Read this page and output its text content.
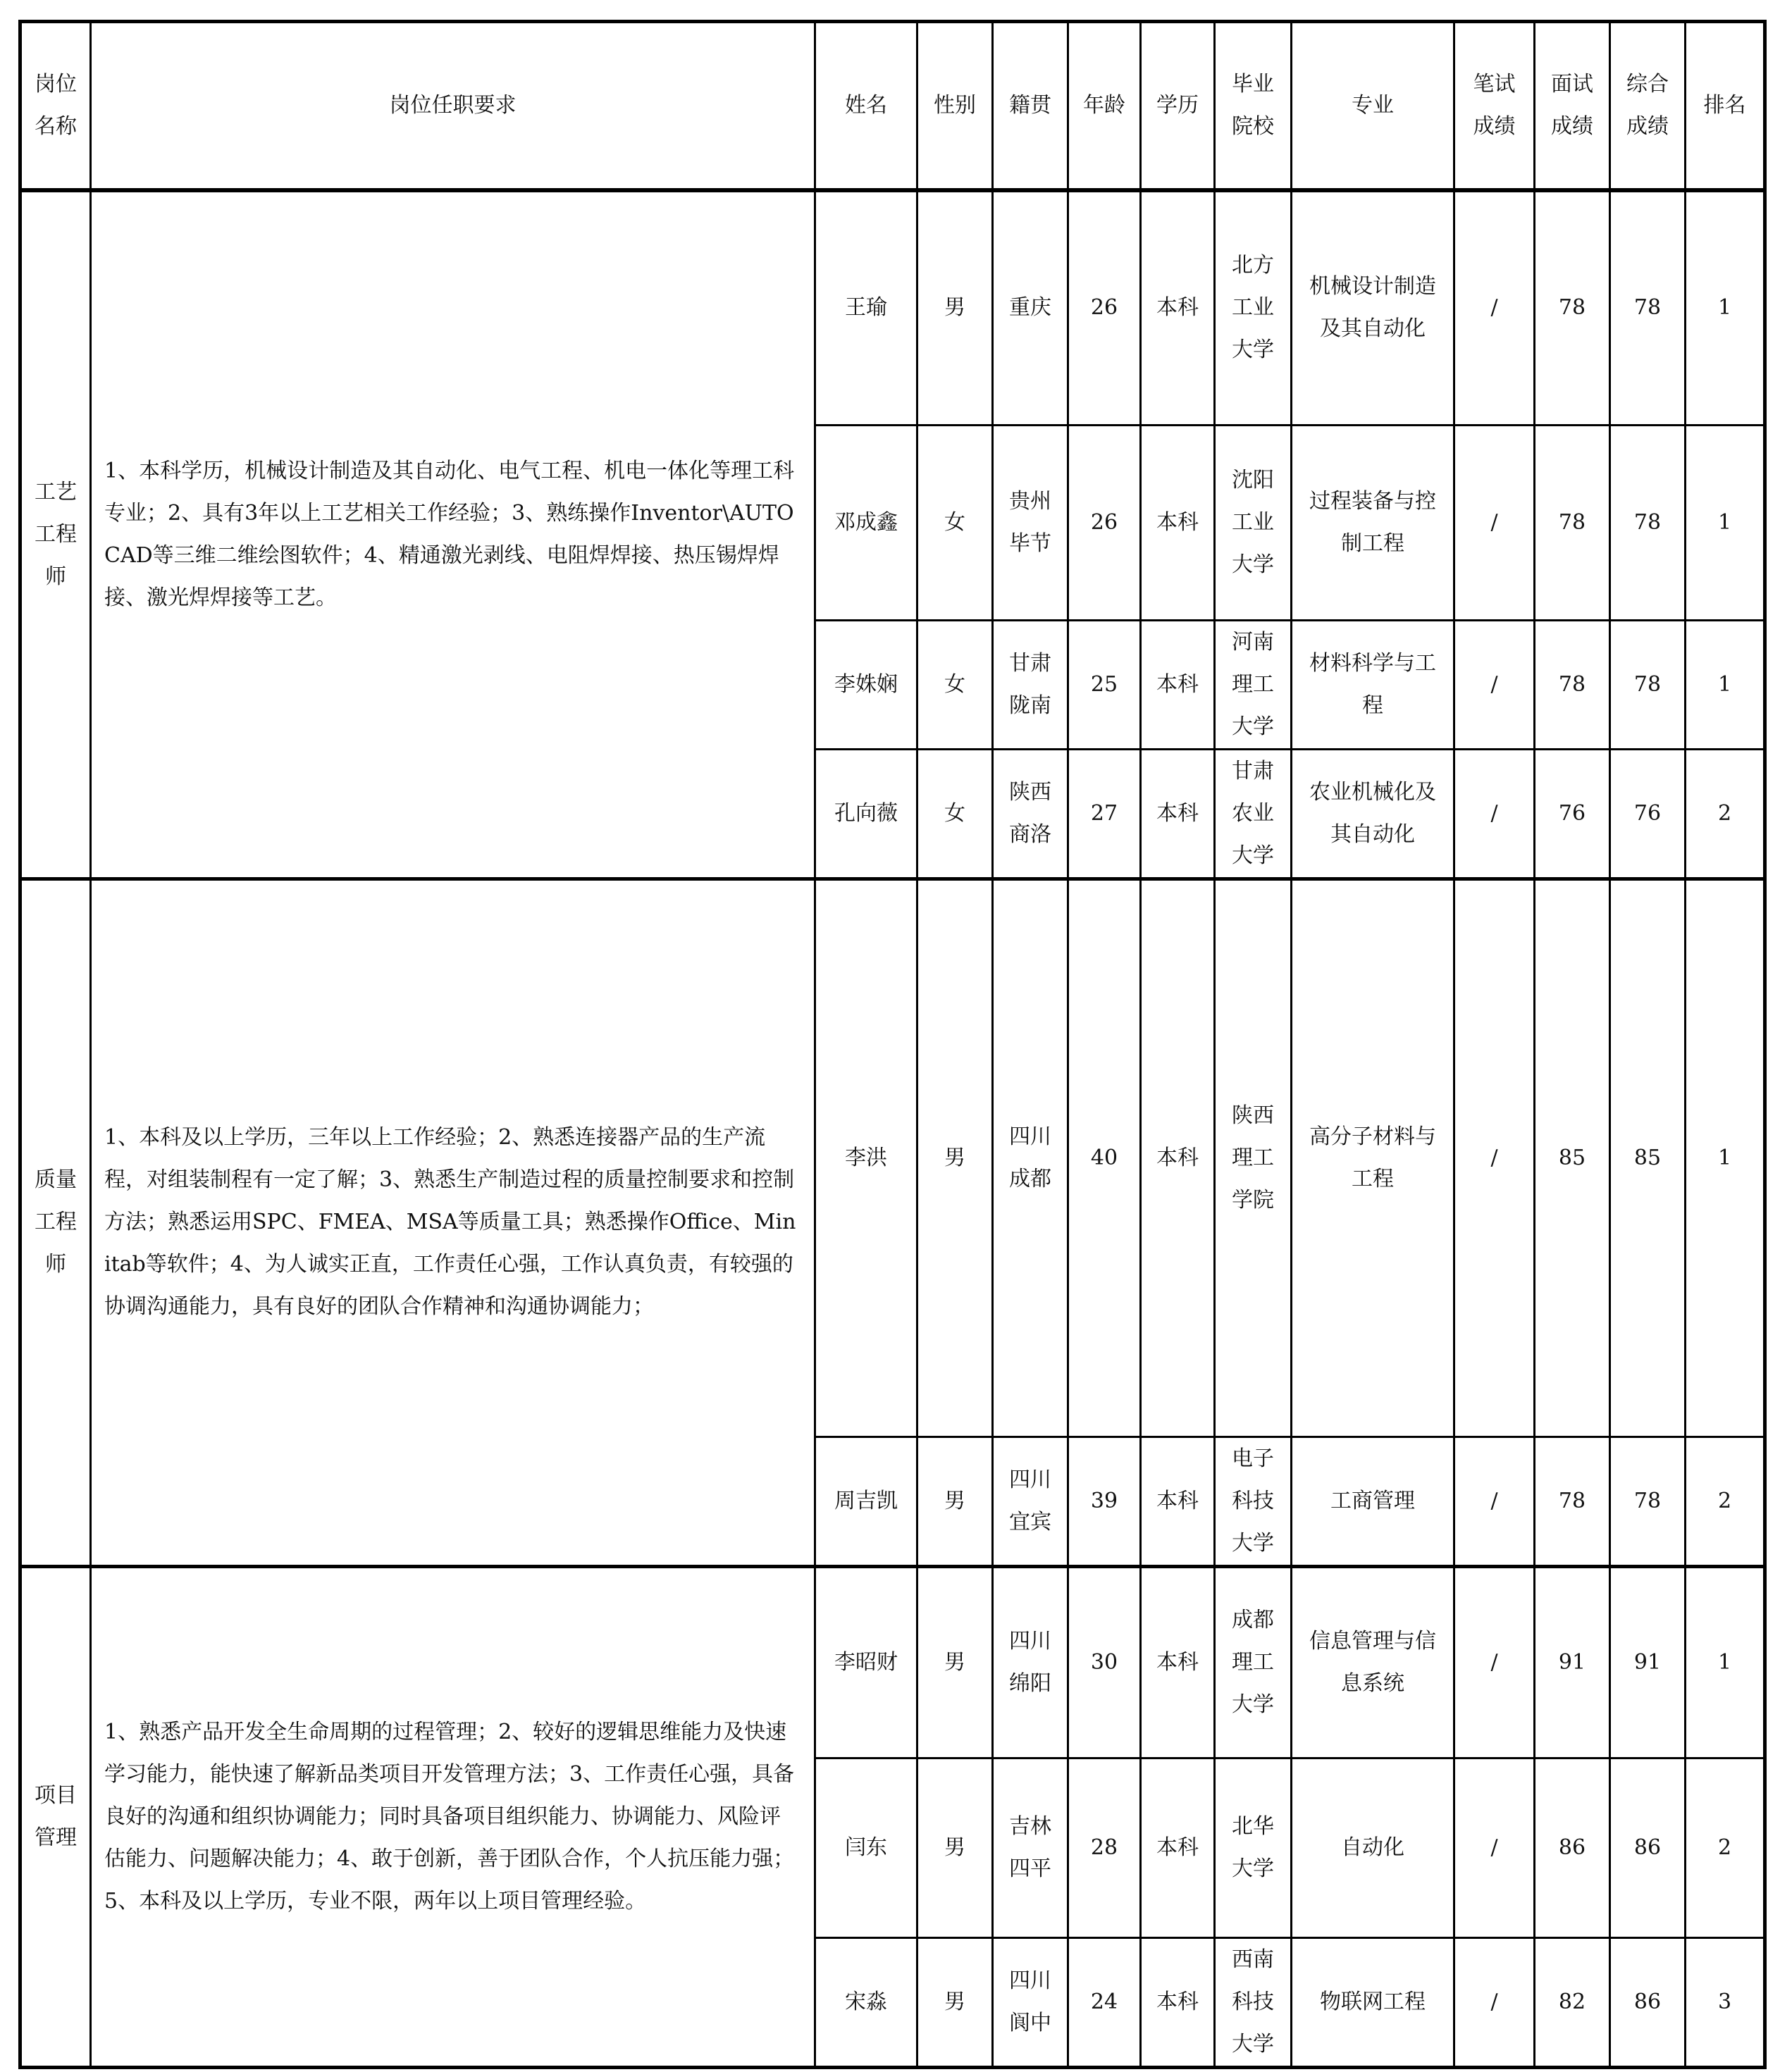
岗位名称	岗位任职要求	姓名	性别	籍贯	年龄	学历	毕业院校	专业	笔试成绩	面试成绩	综合成绩	排名
工艺工程师	1、本科学历，机械设计制造及其自动化、电气工程、机电一体化等理工科专业；2、具有3年以上工艺相关工作经验；3、熟练操作Inventor\AUTOCAD等三维二维绘图软件；4、精通激光剥线、电阻焊焊接、热压锡焊焊接、激光焊焊接等工艺。	王瑜	男	重庆	26	本科	北方工业大学	机械设计制造及其自动化	/	78	78	1
		邓成鑫	女	贵州毕节	26	本科	沈阳工业大学	过程装备与控制工程	/	78	78	1
		李姝娴	女	甘肃陇南	25	本科	河南理工大学	材料科学与工程	/	78	78	1
		孔向薇	女	陕西商洛	27	本科	甘肃农业大学	农业机械化及其自动化	/	76	76	2
质量工程师	1、本科及以上学历，三年以上工作经验；2、熟悉连接器产品的生产流程，对组装制程有一定了解；3、熟悉生产制造过程的质量控制要求和控制方法；熟悉运用SPC、FMEA、MSA等质量工具；熟悉操作Office、Minitab等软件；4、为人诚实正直，工作责任心强，工作认真负责，有较强的协调沟通能力，具有良好的团队合作精神和沟通协调能力；	李洪	男	四川成都	40	本科	陕西理工学院	高分子材料与工程	/	85	85	1
		周吉凯	男	四川宜宾	39	本科	电子科技大学	工商管理	/	78	78	2
项目管理	1、熟悉产品开发全生命周期的过程管理；2、较好的逻辑思维能力及快速学习能力，能快速了解新品类项目开发管理方法；3、工作责任心强，具备良好的沟通和组织协调能力；同时具备项目组织能力、协调能力、风险评估能力、问题解决能力；4、敢于创新，善于团队合作，个人抗压能力强；5、本科及以上学历，专业不限，两年以上项目管理经验。	李昭财	男	四川绵阳	30	本科	成都理工大学	信息管理与信息系统	/	91	91	1
		闫东	男	吉林四平	28	本科	北华大学	自动化	/	86	86	2
		宋淼	男	四川阆中	24	本科	西南科技大学	物联网工程	/	82	86	3
